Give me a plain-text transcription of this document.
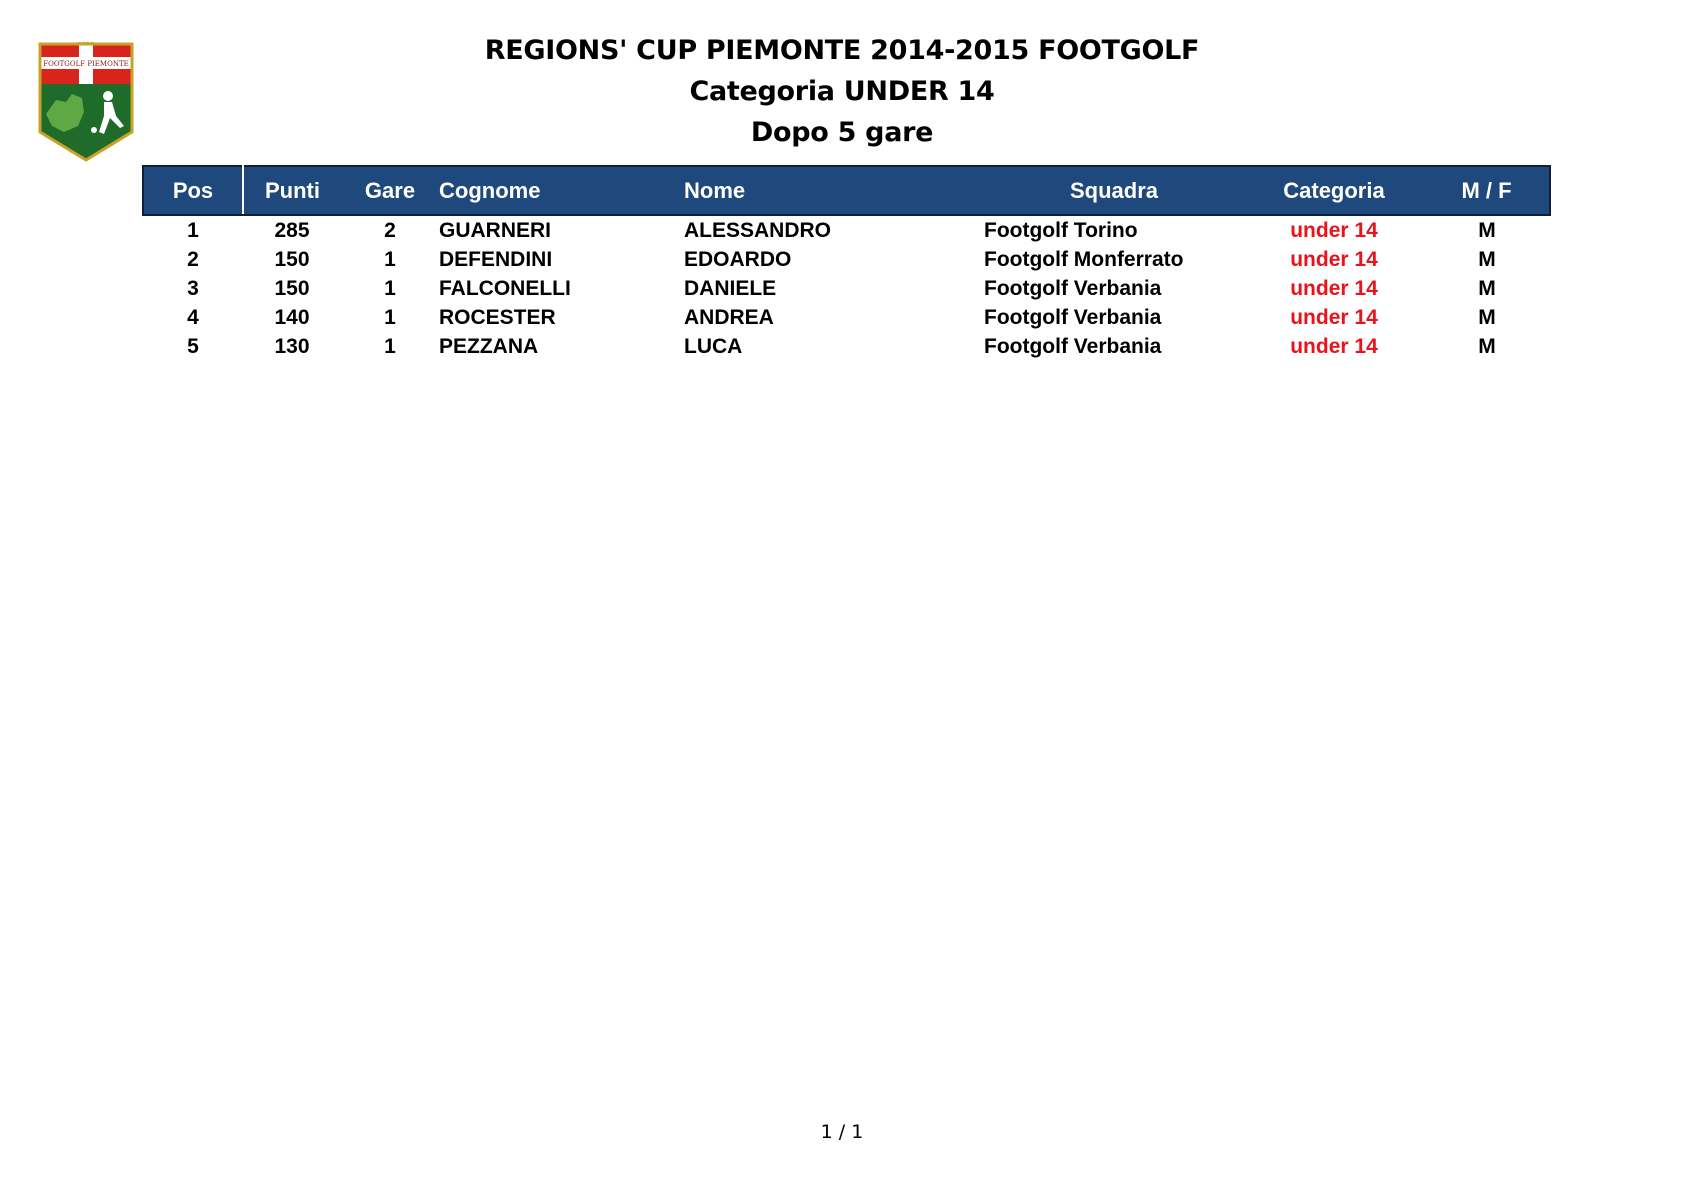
FOOTGOLF PIEMONTE	REGIONS' CUP PIEMONTE 2014-2015 FOOTGOLF
Categoria UNDER 14
Dopo 5 gare
Pos	Punti	Gare	Cognome	Nome	Squadra	Categoria	M / F
1	285	2	GUARNERI	ALESSANDRO	Footgolf Torino	under 14	M
2	150	1	DEFENDINI	EDOARDO	Footgolf Monferrato	under 14	M
3	150	1	FALCONELLI	DANIELE	Footgolf Verbania	under 14	M
4	140	1	ROCESTER	ANDREA	Footgolf Verbania	under 14	M
5	130	1	PEZZANA	LUCA	Footgolf Verbania	under 14	M
1 / 1
